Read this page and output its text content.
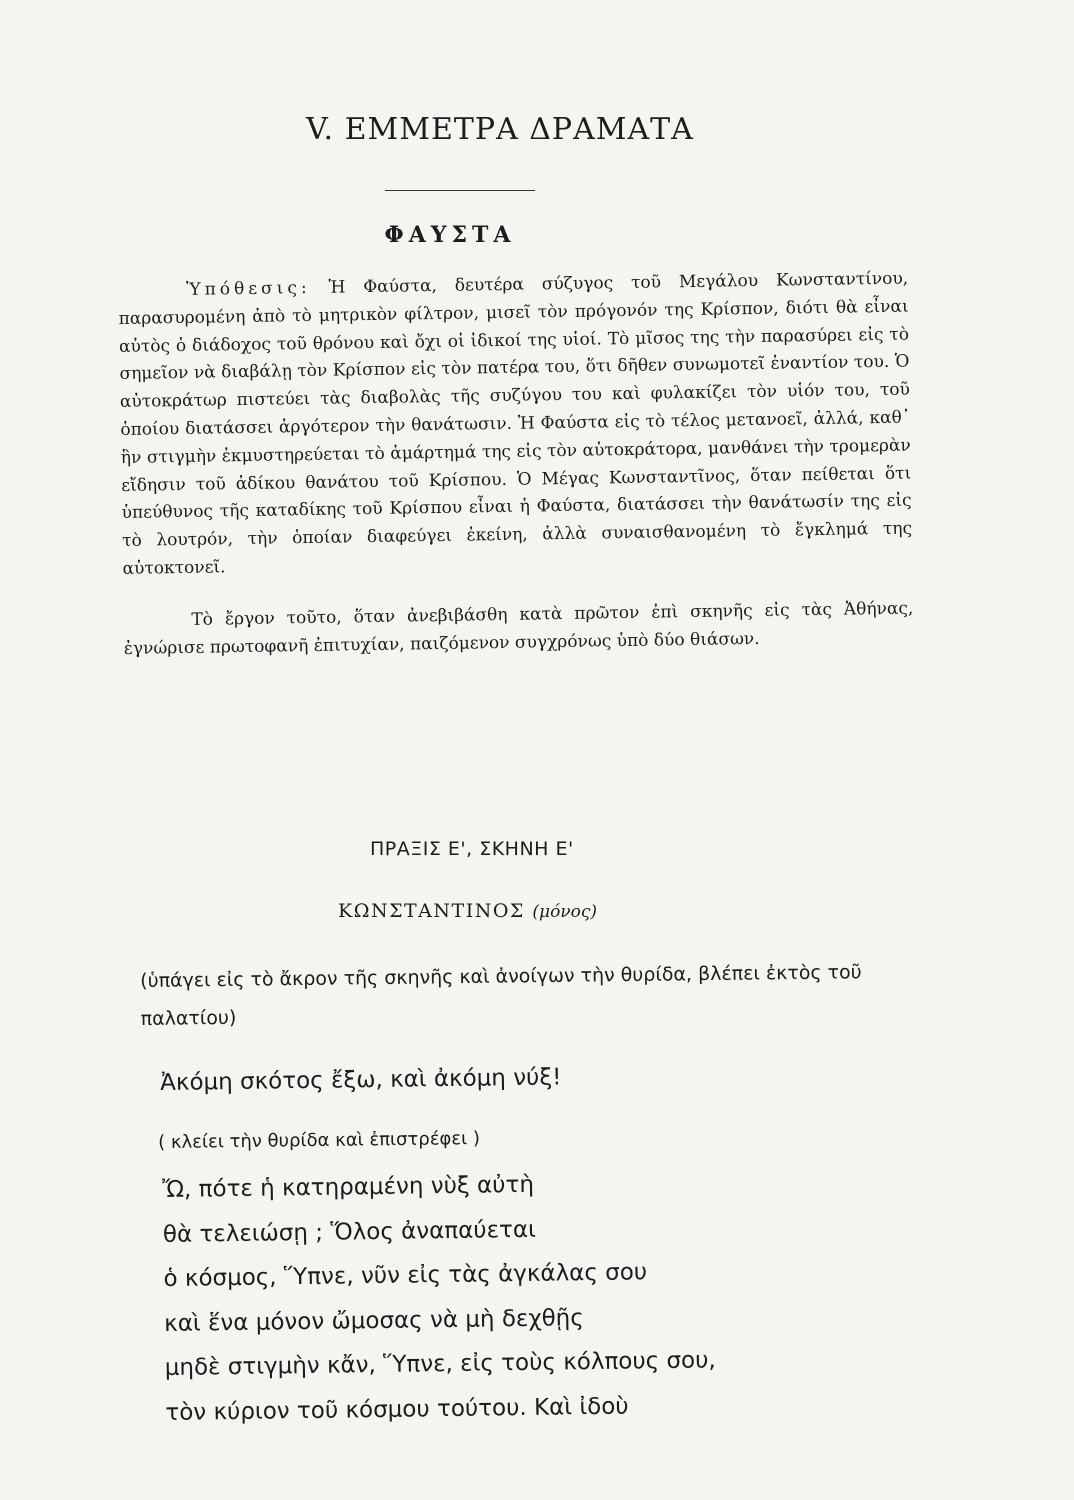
V. ΕΜΜΕΤΡΑ ΔΡΑΜΑΤΑ
ΦΑΥΣΤΑ

Ὑπόθεσις: Ἡ Φαύστα, δευτέρα σύζυγος τοῦ Μεγάλου Κωνσταντίνου, παρασυρομένη ἀπὸ τὸ μητρικὸν φίλτρον, μισεῖ τὸν πρόγονόν της Κρίσπον, διότι θὰ εἶναι αὐτὸς ὁ διάδοχος τοῦ θρόνου καὶ ὄχι οἱ ἰδικοί της υἱοί. Τὸ μῖσος της τὴν παρασύρει εἰς τὸ σημεῖον νὰ διαβάλῃ τὸν Κρίσπον εἰς τὸν πατέρα του, ὅτι δῆθεν συνωμοτεῖ ἐναντίον του. Ὁ αὐτοκράτωρ πιστεύει τὰς διαβολὰς τῆς συζύγου του καὶ φυλακίζει τὸν υἱόν του, τοῦ ὁποίου διατάσσει ἀργότερον τὴν θανάτωσιν. Ἡ Φαύστα εἰς τὸ τέλος μετανοεῖ, ἀλλά, καθ᾽ ἣν στιγμὴν ἐκμυστηρεύεται τὸ ἁμάρτημά της εἰς τὸν αὐτοκράτορα, μανθάνει τὴν τρομερὰν εἴδησιν τοῦ ἀδίκου θανάτου τοῦ Κρίσπου. Ὁ Μέγας Κωνσταντῖνος, ὅταν πείθεται ὅτι ὑπεύθυνος τῆς καταδίκης τοῦ Κρίσπου εἶναι ἡ Φαύστα, διατάσσει τὴν θανάτωσίν της εἰς τὸ λουτρόν, τὴν ὁποίαν διαφεύγει ἐκείνη, ἀλλὰ συναισθανομένη τὸ ἔγκλημά της αὐτοκτονεῖ.

Τὸ ἔργον τοῦτο, ὅταν ἀνεβιβάσθη κατὰ πρῶτον ἐπὶ σκηνῆς εἰς τὰς Ἀθήνας, ἐγνώρισε πρωτοφανῆ ἐπιτυχίαν, παιζόμενον συγχρόνως ὑπὸ δύο θιάσων.

ΠΡΑΞΙΣ Ε', ΣΚΗΝΗ Ε'
ΚΩΝΣΤΑΝΤΙΝΟΣ (μόνος)
(ὑπάγει εἰς τὸ ἄκρον τῆς σκηνῆς καὶ ἀνοίγων τὴν θυρίδα, βλέπει ἐκτὸς τοῦ παλατίου)
Ἀκόμη σκότος ἔξω, καὶ ἀκόμη νύξ!
( κλείει τὴν θυρίδα καὶ ἐπιστρέφει )
Ὤ, πότε ἡ κατηραμένη νὺξ αὐτὴ
θὰ τελειώσῃ ; Ὅλος ἀναπαύεται
ὁ κόσμος, Ὕπνε, νῦν εἰς τὰς ἀγκάλας σου
καὶ ἕνα μόνον ὤμοσας νὰ μὴ δεχθῇς
μηδὲ στιγμὴν κἄν, Ὕπνε, εἰς τοὺς κόλπους σου,
τὸν κύριον τοῦ κόσμου τούτου. Καὶ ἰδοὺ
